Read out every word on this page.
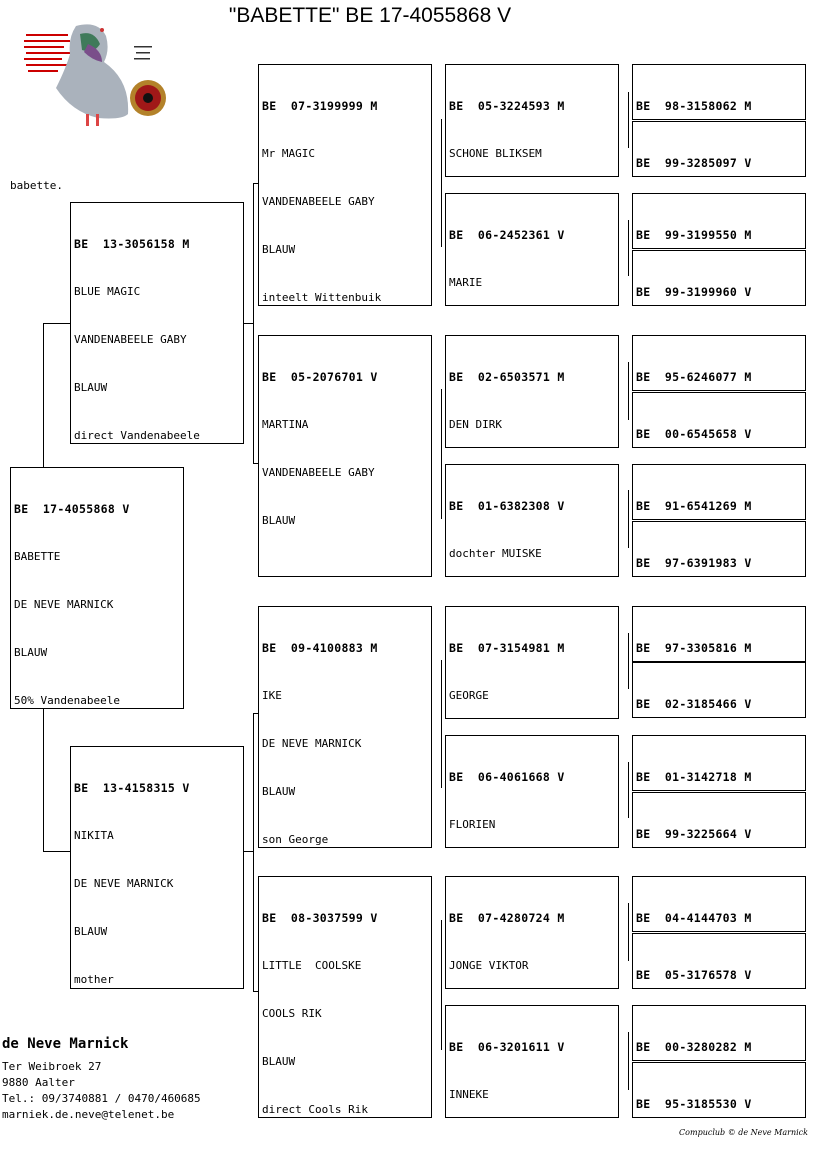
"BABETTE" BE 17-4055868 V
babette.

BE  17-4055868 V

BABETTE

DE NEVE MARNICK

BLAUW

50% Vandenabeele

BE  13-3056158 M

BLUE MAGIC

VANDENABEELE GABY

BLAUW

direct Vandenabeele

BE  13-4158315 V

NIKITA

DE NEVE MARNICK

BLAUW

mother

BE  07-3199999 M

Mr MAGIC

VANDENABEELE GABY

BLAUW

inteelt Wittenbuik

BE  05-2076701 V

MARTINA

VANDENABEELE GABY

BLAUW

BE  09-4100883 M

IKE

DE NEVE MARNICK

BLAUW

son George

BE  08-3037599 V

LITTLE  COOLSKE

COOLS RIK

BLAUW

direct Cools Rik

BE  05-3224593 M

SCHONE BLIKSEM

BE  06-2452361 V

MARIE

BE  02-6503571 M

DEN DIRK

BE  01-6382308 V

dochter MUISKE

BE  07-3154981 M

GEORGE

BE  06-4061668 V

FLORIEN

BE  07-4280724 M

JONGE VIKTOR

BE  06-3201611 V

INNEKE

BE  98-3158062 M

BE  99-3285097 V

BE  99-3199550 M

BE  99-3199960 V

BE  95-6246077 M

BE  00-6545658 V

BE  91-6541269 M

BE  97-6391983 V

BE  97-3305816 M

BE  02-3185466 V

BE  01-3142718 M

BE  99-3225664 V

BE  04-4144703 M

BE  05-3176578 V

BE  00-3280282 M

BE  95-3185530 V

de Neve Marnick
Ter Weibroek 27
9880 Aalter
Tel.: 09/3740881 / 0470/460685
marniek.de.neve@telenet.be
Compuclub © de Neve Marnick
